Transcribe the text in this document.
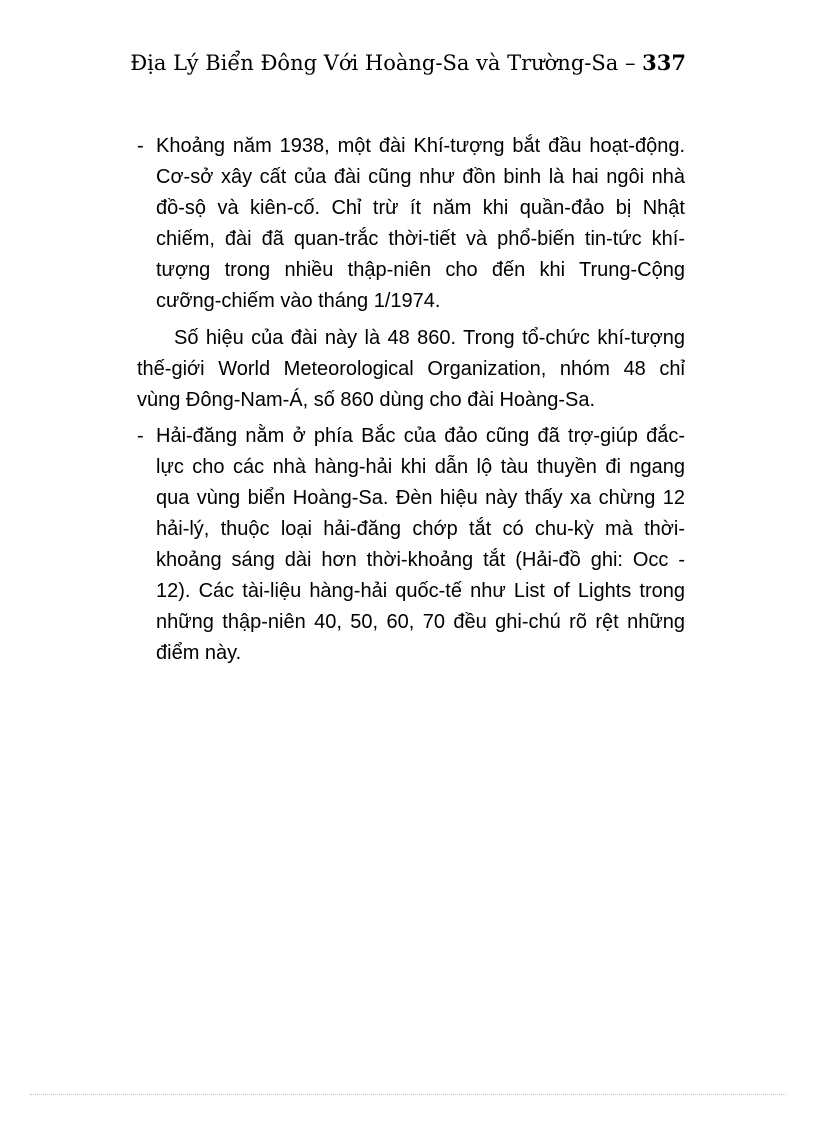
Địa Lý Biển Đông Với Hoàng-Sa và Trường-Sa – 337
- Khoảng năm 1938, một đài Khí-tượng bắt đầu hoạt-động. Cơ-sở xây cất của đài cũng như đồn binh là hai ngôi nhà đồ-sộ và kiên-cố. Chỉ trừ ít năm khi quần-đảo bị Nhật chiếm, đài đã quan-trắc thời-tiết và phổ-biến tin-tức khí-tượng trong nhiều thập-niên cho đến khi Trung-Cộng cưỡng-chiếm vào tháng 1/1974.

Số hiệu của đài này là 48 860. Trong tổ-chức khí-tượng thế-giới World Meteorological Organization, nhóm 48 chỉ vùng Đông-Nam-Á, số 860 dùng cho đài Hoàng-Sa.

- Hải-đăng nằm ở phía Bắc của đảo cũng đã trợ-giúp đắc-lực cho các nhà hàng-hải khi dẫn lộ tàu thuyền đi ngang qua vùng biển Hoàng-Sa. Đèn hiệu này thấy xa chừng 12 hải-lý, thuộc loại hải-đăng chớp tắt có chu-kỳ mà thời-khoảng sáng dài hơn thời-khoảng tắt (Hải-đồ ghi: Occ - 12). Các tài-liệu hàng-hải quốc-tế như List of Lights trong những thập-niên 40, 50, 60, 70 đều ghi-chú rõ rệt những điểm này.
